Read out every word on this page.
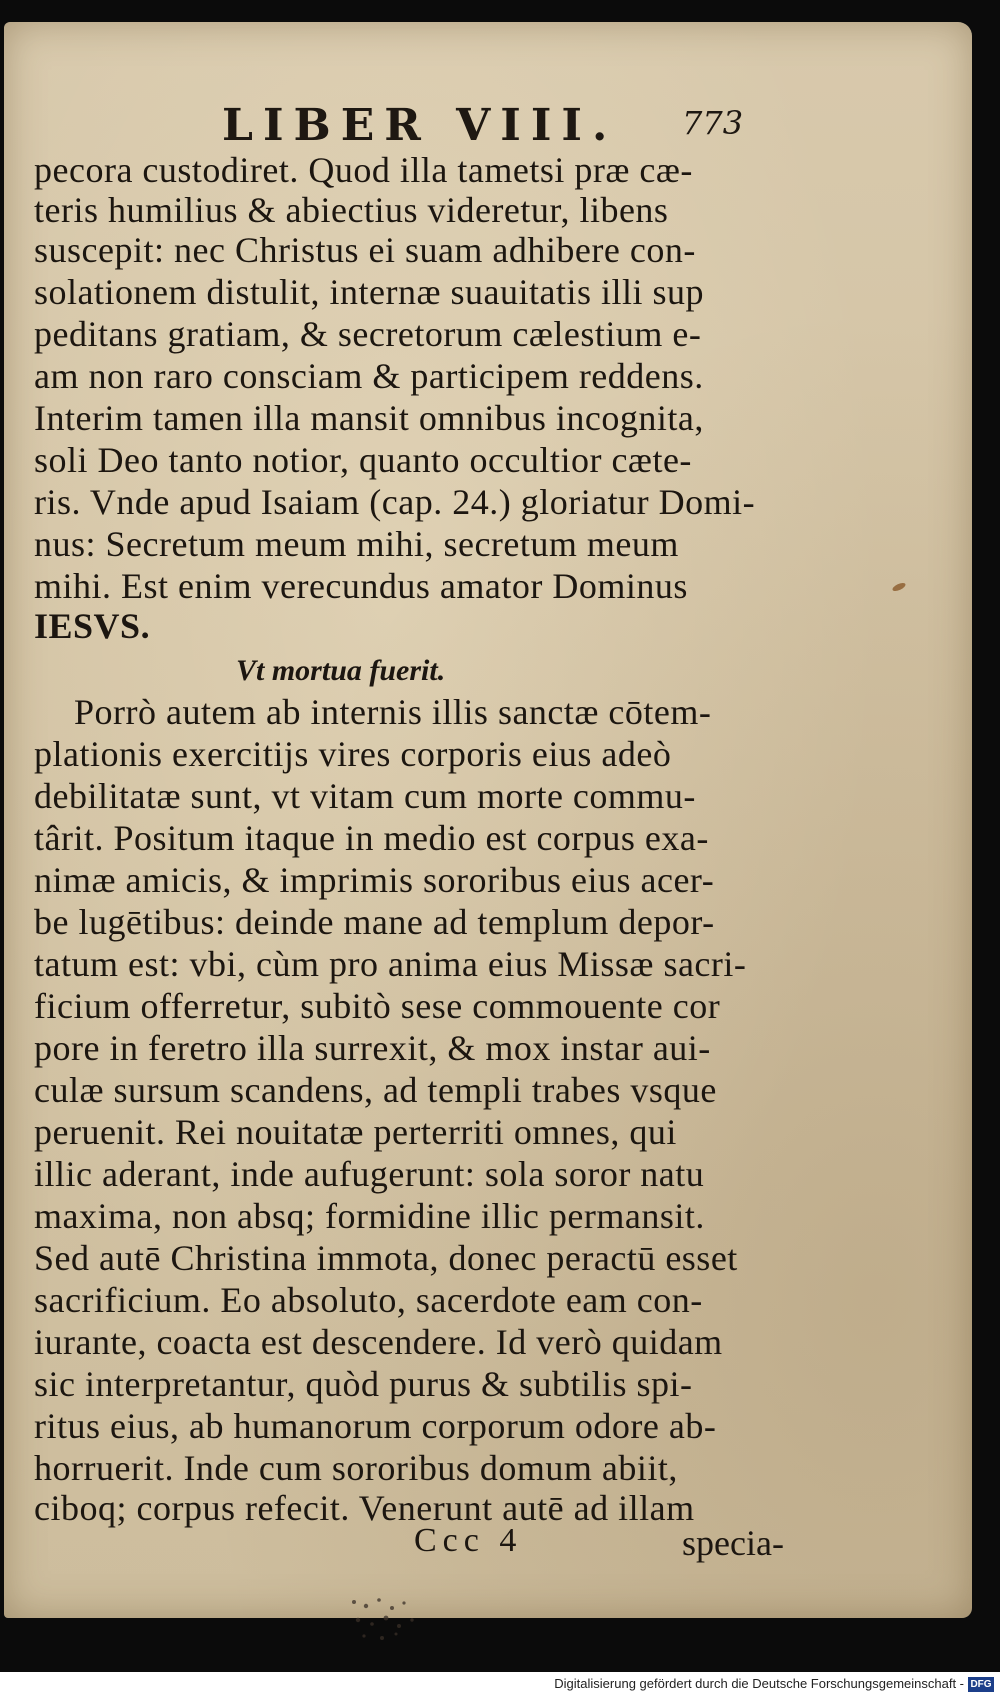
LIBER VIII. 773
pecora custodiret. Quod illa tametsi præ cæ-
teris humilius & abiectius videretur, libens
suscepit: nec Christus ei suam adhibere con-
solationem distulit, internæ suauitatis illi sup
peditans gratiam, & secretorum cælestium e-
am non raro consciam & participem reddens.
Interim tamen illa mansit omnibus incognita,
soli Deo tanto notior, quanto occultior cæte-
ris. Vnde apud Isaiam (cap. 24.) gloriatur Domi-
nus: Secretum meum mihi, secretum meum
mihi. Est enim verecundus amator Dominus
IESVS.
Porrò autem ab internis illis sanctæ cōtem-
plationis exercitijs vires corporis eius adeò
debilitatæ sunt, vt vitam cum morte commu-
târit. Positum itaque in medio est corpus exa-
nimæ amicis, & imprimis sororibus eius acer-
be lugētibus: deinde mane ad templum depor-
tatum est: vbi, cùm pro anima eius Missæ sacri-
ficium offerretur, subitò sese commouente cor
pore in feretro illa surrexit, & mox instar aui-
culæ sursum scandens, ad templi trabes vsque
peruenit. Rei nouitatæ perterriti omnes, qui
illic aderant, inde aufugerunt: sola soror natu
maxima, non absq; formidine illic permansit.
Sed autē Christina immota, donec peractū esset
sacrificium. Eo absoluto, sacerdote eam con-
iurante, coacta est descendere. Id verò quidam
sic interpretantur, quòd purus & subtilis spi-
ritus eius, ab humanorum corporum odore ab-
horruerit. Inde cum sororibus domum abiit,
Vt mortua fuerit.
ciboq; corpus refecit. Venerunt autē ad illam
Ccc 4	specia-
Digitalisierung gefördert durch die Deutsche Forschungsgemeinschaft - DFG
